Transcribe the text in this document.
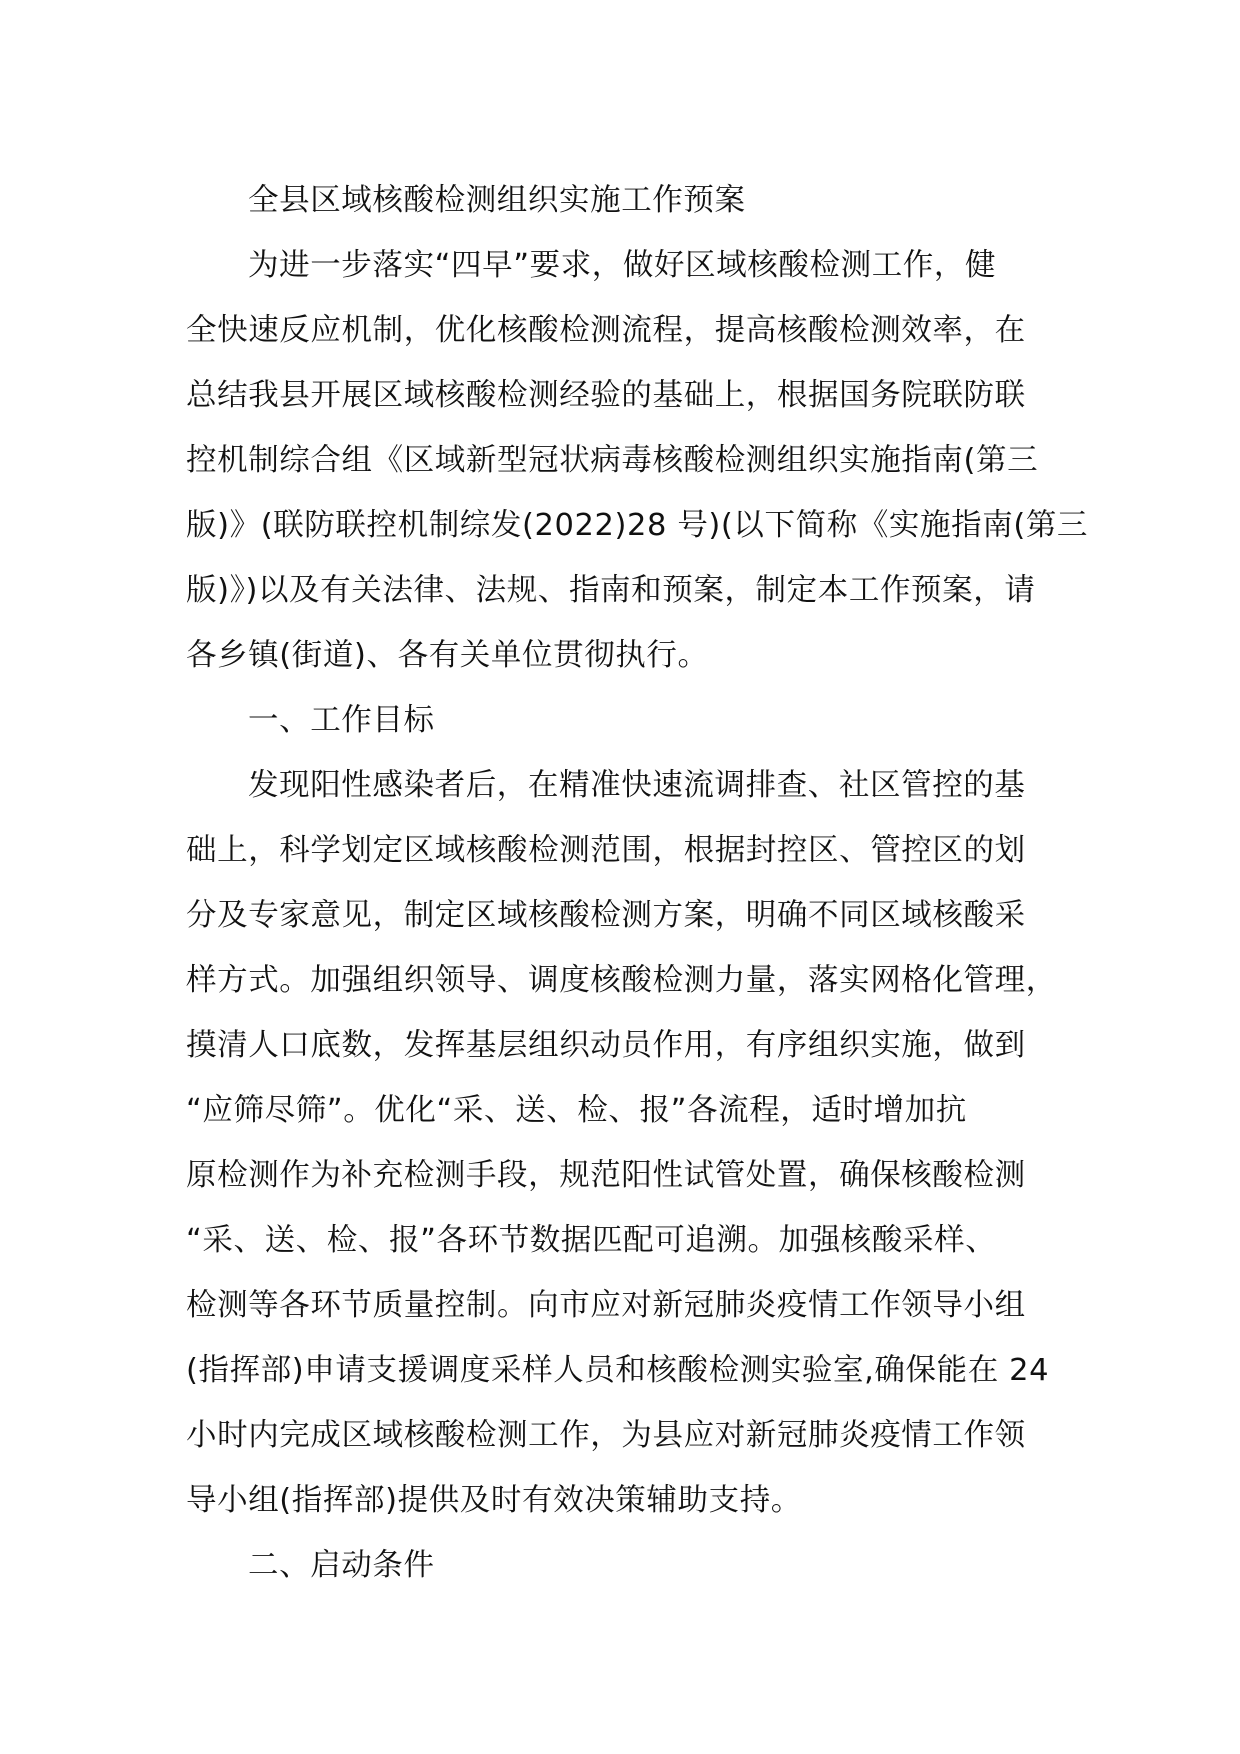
全县区域核酸检测组织实施工作预案
为进一步落实“四早”要求，做好区域核酸检测工作，健
全快速反应机制，优化核酸检测流程，提高核酸检测效率，在
总结我县开展区域核酸检测经验的基础上，根据国务院联防联
控机制综合组《区域新型冠状病毒核酸检测组织实施指南(第三
版)》(联防联控机制综发(2022)28 号)(以下简称《实施指南(第三
版)》)以及有关法律、法规、指南和预案，制定本工作预案，请
各乡镇(街道)、各有关单位贯彻执行。
一、工作目标
发现阳性感染者后，在精准快速流调排查、社区管控的基
础上，科学划定区域核酸检测范围，根据封控区、管控区的划
分及专家意见，制定区域核酸检测方案，明确不同区域核酸采
样方式。加强组织领导、调度核酸检测力量，落实网格化管理，
摸清人口底数，发挥基层组织动员作用，有序组织实施，做到
“应筛尽筛”。优化“采、送、检、报”各流程，适时增加抗
原检测作为补充检测手段，规范阳性试管处置，确保核酸检测
“采、送、检、报”各环节数据匹配可追溯。加强核酸采样、
检测等各环节质量控制。向市应对新冠肺炎疫情工作领导小组
(指挥部)申请支援调度采样人员和核酸检测实验室,确保能在 24
小时内完成区域核酸检测工作，为县应对新冠肺炎疫情工作领
导小组(指挥部)提供及时有效决策辅助支持。
二、启动条件
